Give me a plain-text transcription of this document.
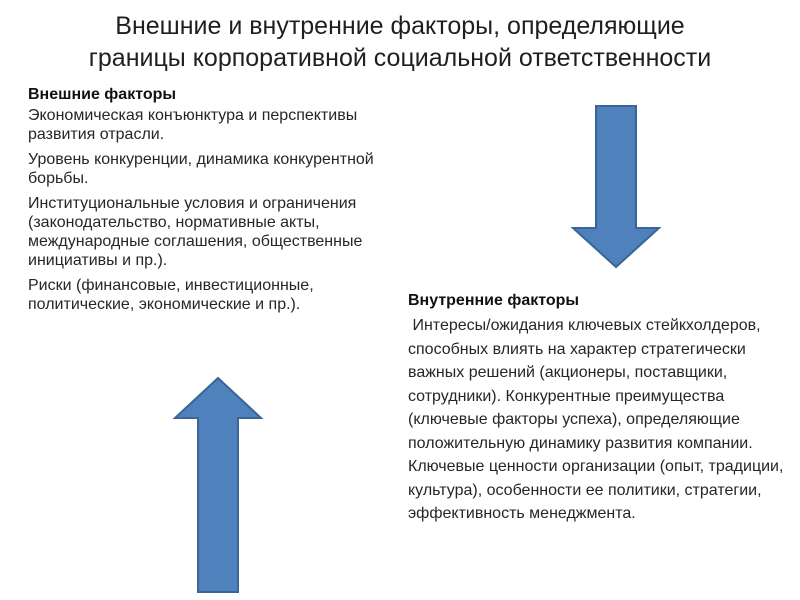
Внешние и внутренние факторы, определяющие
границы корпоративной социальной ответственности
Внешние факторы
Экономическая конъюнктура и перспективы развития отрасли.
Уровень конкуренции, динамика конкурентной борьбы.
Институциональные условия и ограничения (законодательство, нормативные акты, международные соглашения, общественные инициативы и пр.).
Риски (финансовые, инвестиционные, политические, экономические и пр.).	Внутренние факторы
Интересы/ожидания ключевых стейкхолдеров, способных влиять на характер стратегически важных решений (акционеры, поставщики, сотрудники). Конкурентные преимущества (ключевые факторы успеха), определяющие положительную динамику развития компании.
Ключевые ценности организации (опыт, традиции, культура), особенности ее политики, стратегии, эффективность менеджмента.
